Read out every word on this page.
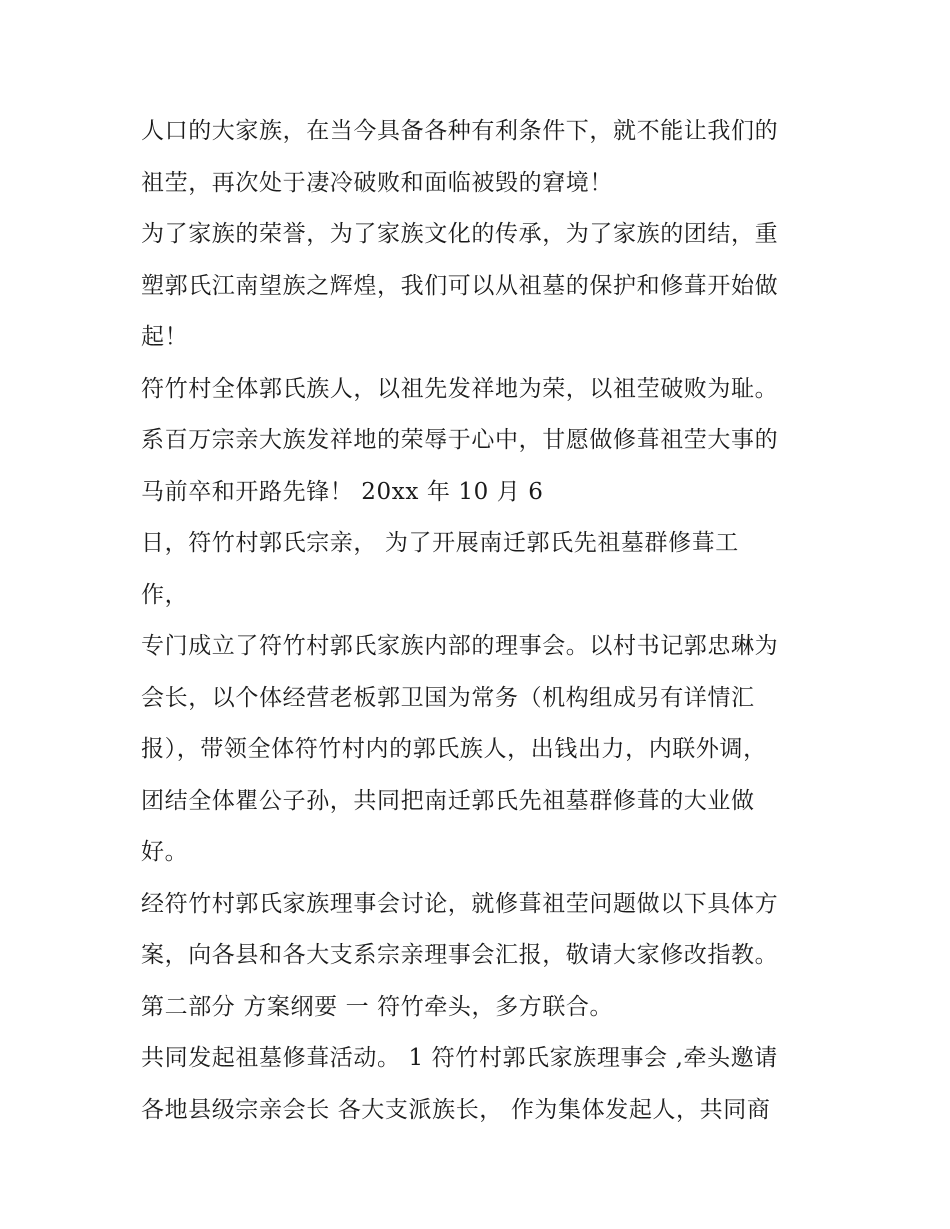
人口的大家族，在当今具备各种有利条件下，就不能让我们的
祖茔，再次处于凄冷破败和面临被毁的窘境！
为了家族的荣誉，为了家族文化的传承，为了家族的团结，重
塑郭氏江南望族之辉煌，我们可以从祖墓的保护和修葺开始做
起！
符竹村全体郭氏族人，以祖先发祥地为荣，以祖茔破败为耻。
系百万宗亲大族发祥地的荣辱于心中，甘愿做修葺祖茔大事的
马前卒和开路先锋！ 20xx 年 10 月 6
日，符竹村郭氏宗亲， 为了开展南迁郭氏先祖墓群修葺工
作，
专门成立了符竹村郭氏家族内部的理事会。以村书记郭忠琳为
会长，以个体经营老板郭卫国为常务（机构组成另有详情汇
报），带领全体符竹村内的郭氏族人，出钱出力，内联外调，
团结全体瞿公子孙，共同把南迁郭氏先祖墓群修葺的大业做
好。
经符竹村郭氏家族理事会讨论，就修葺祖茔问题做以下具体方
案，向各县和各大支系宗亲理事会汇报，敬请大家修改指教。
第二部分 方案纲要 一 符竹牵头，多方联合。
共同发起祖墓修葺活动。 1 符竹村郭氏家族理事会 ,牵头邀请
各地县级宗亲会长 各大支派族长， 作为集体发起人，共同商
